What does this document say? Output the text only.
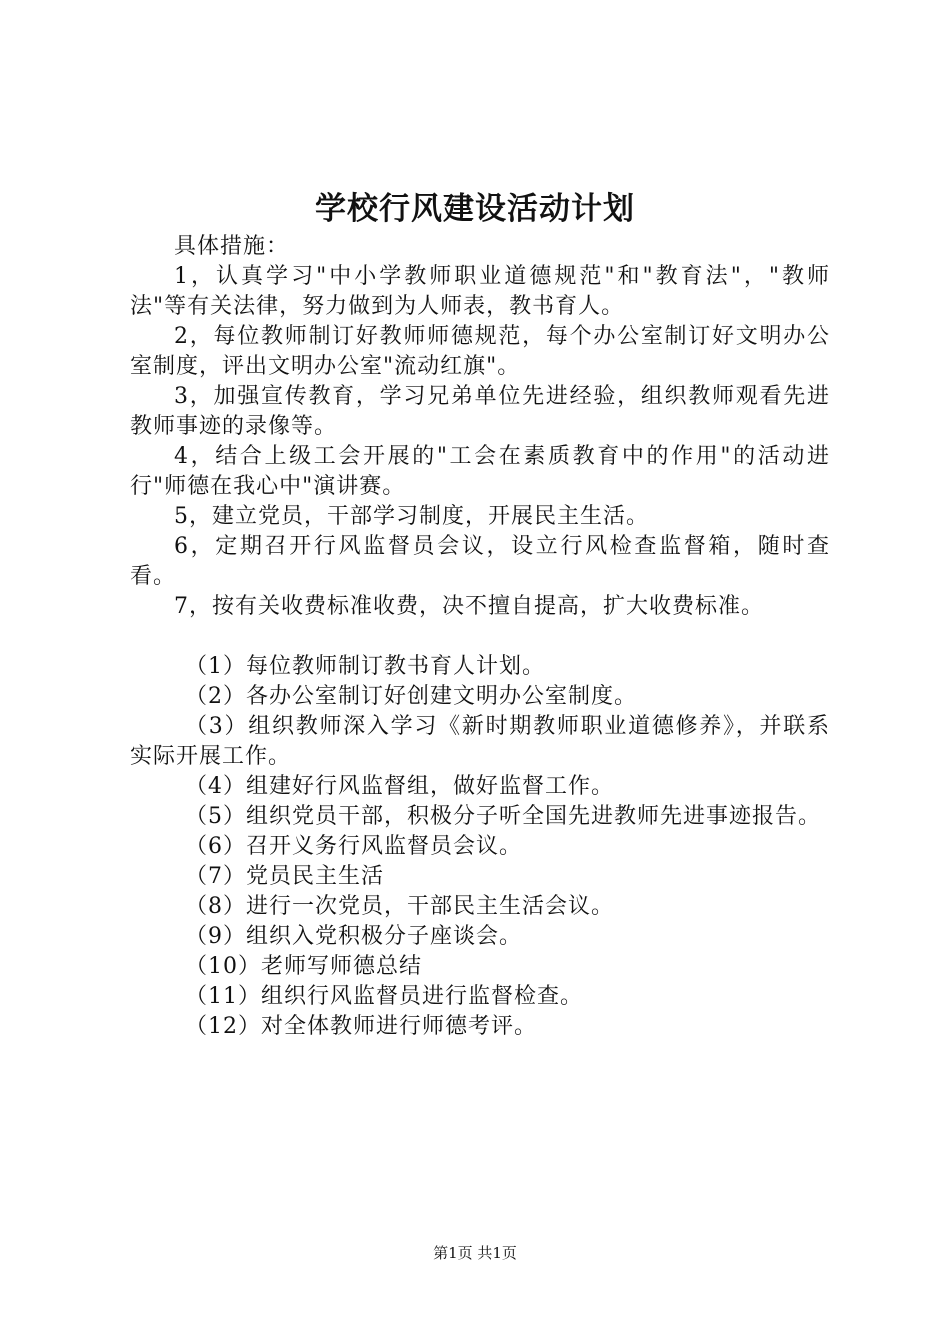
学校行风建设活动计划

具体措施：

1，认真学习"中小学教师职业道德规范"和"教育法"，"教师法"等有关法律，努力做到为人师表，教书育人。

2，每位教师制订好教师师德规范，每个办公室制订好文明办公室制度，评出文明办公室"流动红旗"。

3，加强宣传教育，学习兄弟单位先进经验，组织教师观看先进教师事迹的录像等。

4，结合上级工会开展的"工会在素质教育中的作用"的活动进行"师德在我心中"演讲赛。

5，建立党员，干部学习制度，开展民主生活。

6，定期召开行风监督员会议，设立行风检查监督箱，随时查看。

7，按有关收费标准收费，决不擅自提高，扩大收费标准。

（1）每位教师制订教书育人计划。

（2）各办公室制订好创建文明办公室制度。

（3）组织教师深入学习《新时期教师职业道德修养》，并联系实际开展工作。

（4）组建好行风监督组，做好监督工作。

（5）组织党员干部，积极分子听全国先进教师先进事迹报告。

（6）召开义务行风监督员会议。

（7）党员民主生活

（8）进行一次党员，干部民主生活会议。

（9）组织入党积极分子座谈会。

（10）老师写师德总结

（11）组织行风监督员进行监督检查。

（12）对全体教师进行师德考评。

第1页 共1页
